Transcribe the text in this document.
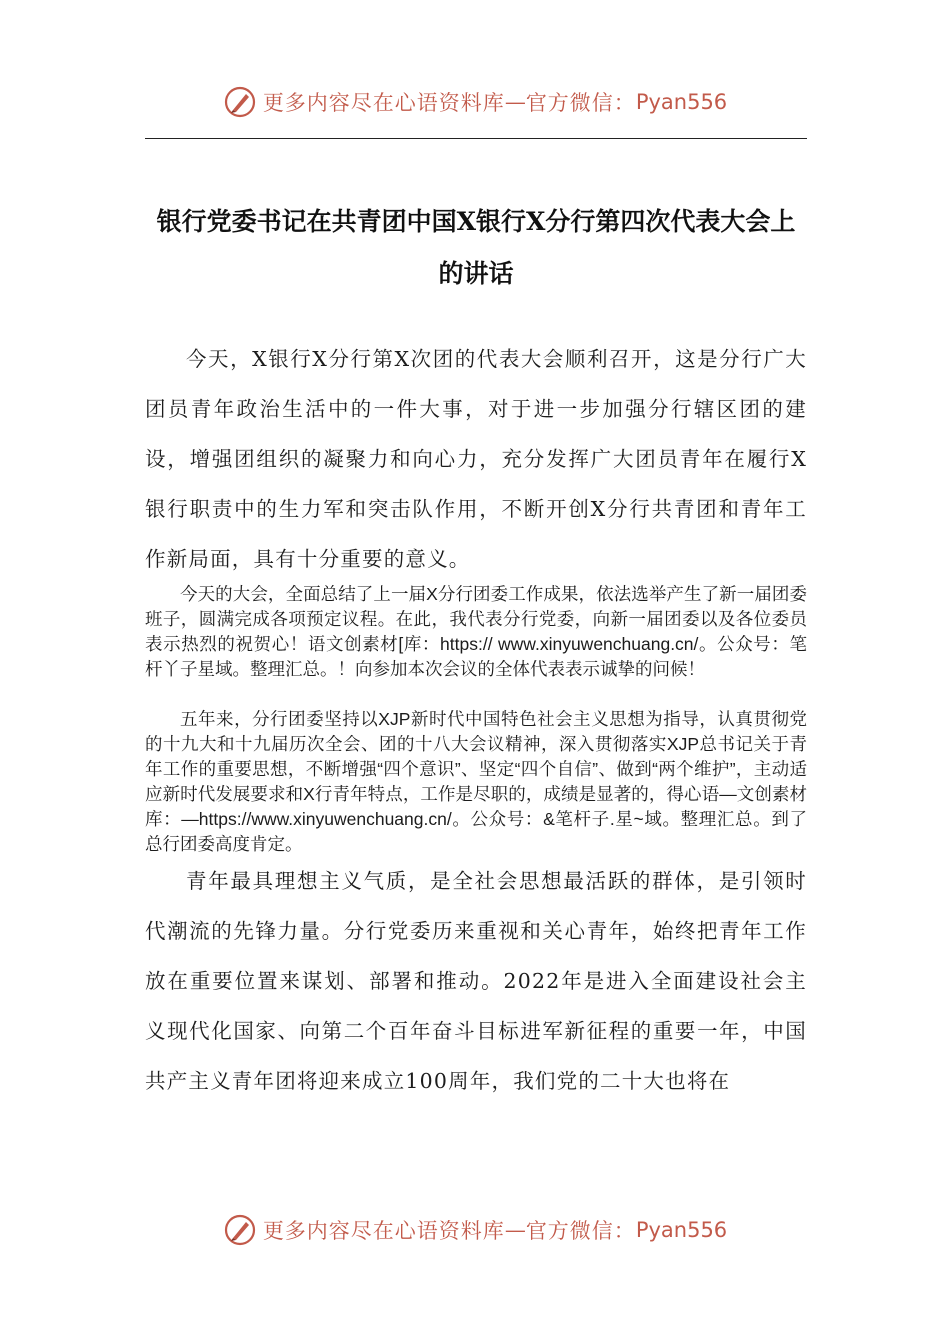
更多内容尽在心语资料库 — 官方微信： Pyan556
银行党委书记在共青团中国X银行X分行第四次代表大会上的讲话

今天，X银行X分行第X次团的代表大会顺利召开，这是分行广大团员青年政治生活中的一件大事，对于进一步加强分行辖区团的建设，增强团组织的凝聚力和向心力，充分发挥广大团员青年在履行X银行职责中的生力军和突击队作用，不断开创X分行共青团和青年工作新局面，具有十分重要的意义。

今天的大会，全面总结了上一届X分行团委工作成果，依法选举产生了新一届团委班子，圆满完成各项预定议程。在此，我代表分行党委，向新一届团委以及各位委员表示热烈的祝贺心！语文创素材[库：https:// www.xinyuwenchuang.cn/。公众号：笔杆丫子星域。整理汇总。！向参加本次会议的全体代表表示诚挚的问候！

五年来，分行团委坚持以XJP新时代中国特色社会主义思想为指导，认真贯彻党的十九大和十九届历次全会、团的十八大会议精神，深入贯彻落实XJP总书记关于青年工作的重要思想，不断增强“四个意识”、坚定“四个自信”、做到“两个维护”，主动适应新时代发展要求和X行青年特点，工作是尽职的，成绩是显著的，得心语—文创素材库：—https://www.xinyuwenchuang.cn/。公众号：&笔杆子.星~域。整理汇总。到了总行团委高度肯定。

青年最具理想主义气质，是全社会思想最活跃的群体，是引领时代潮流的先锋力量。分行党委历来重视和关心青年，始终把青年工作放在重要位置来谋划、部署和推动。2022年是进入全面建设社会主义现代化国家、向第二个百年奋斗目标进军新征程的重要一年，中国共产主义青年团将迎来成立100周年，我们党的二十大也将在

更多内容尽在心语资料库 — 官方微信： Pyan556
